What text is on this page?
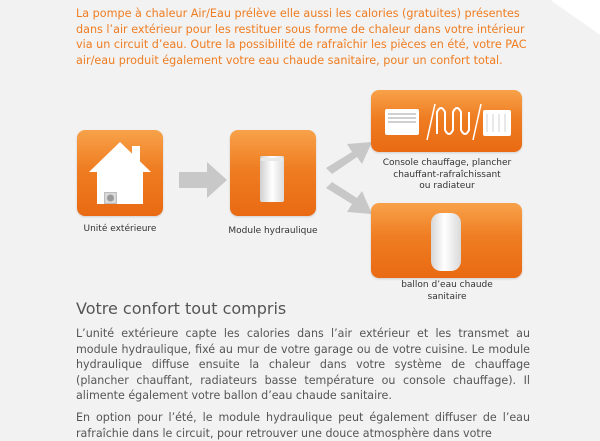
La pompe à chaleur Air/Eau prélève elle aussi les calories (gratuites) présentes dans l’air extérieur pour les restituer sous forme de chaleur dans votre intérieur via un circuit d’eau. Outre la possibilité de rafraîchir les pièces en été, votre PAC air/eau produit également votre eau chaude sanitaire, pour un confort total.

Unité extérieure	Module hydraulique
Console chauffage, plancher
chauffant-rafraîchissant
ou radiateur
ballon d’eau chaude
sanitaire
Votre confort tout compris

L’unité extérieure capte les calories dans l’air extérieur et les transmet au module hydraulique, fixé au mur de votre garage ou de votre cuisine. Le module hydraulique diffuse ensuite la chaleur dans votre système de chauffage (plancher chauffant, radiateurs basse température ou console chauffage). Il alimente également votre ballon d’eau chaude sanitaire.

En option pour l’été, le module hydraulique peut également diffuser de l’eau rafraîchie dans le circuit, pour retrouver une douce atmosphère dans votre
